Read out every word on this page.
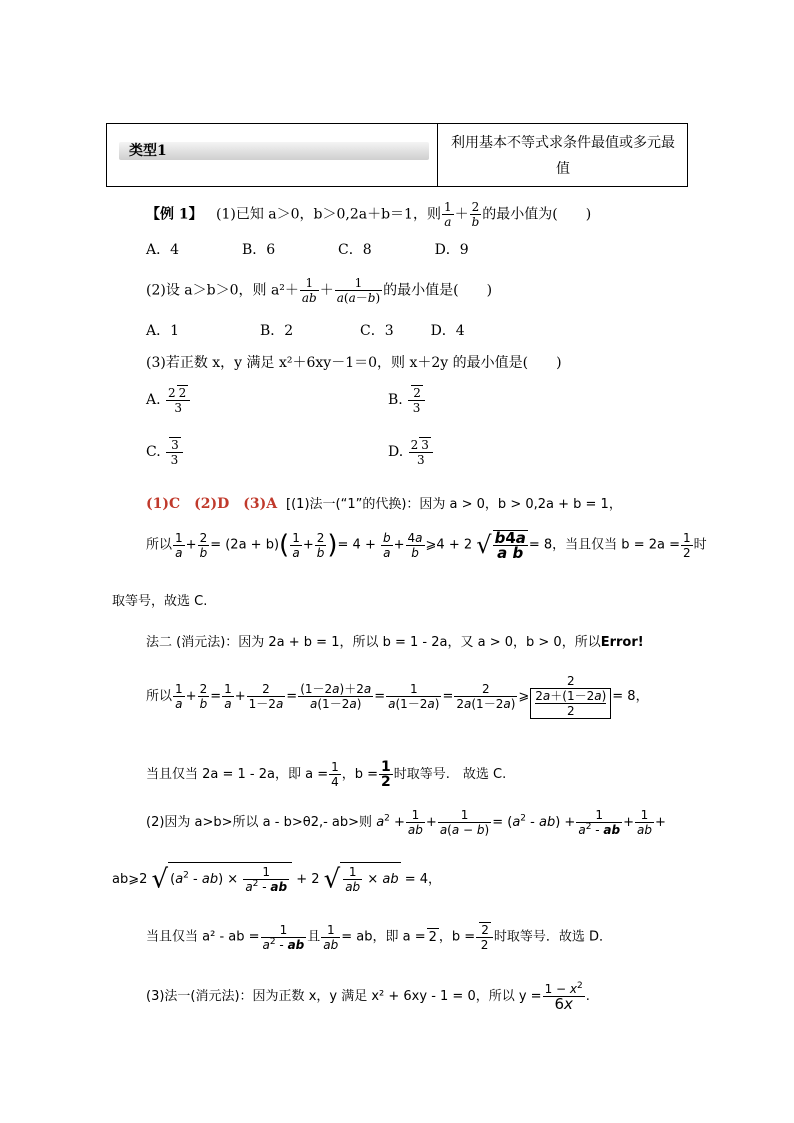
类型1	利用基本不等式求条件最值或多元最值
【例 1】 (1)已知 a＞0，b＞0,2a＋b＝1，则 $\frac{1}{a} + \frac{2}{b}$ 的最小值为(　　)
A．4	B．6	C．8	D．9
(2)设 a＞b＞0，则 $a^2+ \frac{1}{ab} + \frac{1}{a(a-b)}$ 的最小值是(　　)
A．1	B．2	C．3	D．4
(3)若正数 x，y 满足 x²＋6xy－1＝0，则 x＋2y 的最小值是(　　)
A. $\frac{2 2}{3}$	B. $\frac{2}{3}$
C. $\frac{3}{3}$	D. $\frac{2 3}{3}$
(1)C　(2)D　(3)A [(1)法一(“1”的代换)：因为 a > 0，b > 0,2a + b = 1，
所以 $\frac{1}{a} + \frac{2}{b} = (2a + b)( \frac{1}{a} + \frac{2}{b}$ )= $4 + \frac{b}{a} + \frac{4a}{b}$ ⩾4 + 2 √ $\frac{b4a}{\text{a b}} = 8$，当且仅当 $b = 2a = \frac{1}{2}$ 时
取等号，故选 C.
法二 (消元法)：因为 2a + b = 1，所以 b = 1 - 2a，又 a > 0，b > 0，所以Error!
所以 $\frac{1}{a} + \frac{2}{b} = \frac{1}{a} + \frac{2}{1-2a} = \frac{(1-2a)+2a}{a(1-2a)} = \frac{1}{a(1-2a)} = \frac{2}{2a(1-2a)}$ ⩾ 2
2a＋(1－2a)
2 = 8，
当且仅当 2a = 1 - 2a，即 $a = \frac{1}{4}$ ，$b = \frac{1}{2}$ 时取等号.　故选 C.
(2)因为 a>b>所以 a - b>θ2,- ab>则 $a^2 + \frac{1}{ab} + \frac{1}{a(a - b)} = (a^2 - ab) + \frac{1}{a^2 - ab} + \frac{1}{ab}$ +
ab⩾2 √ $(a^2 - ab) \times \frac{1}{a^2 - ab} + 2$ √ $\frac{1}{ab}$ × ab = 4，
当且仅当 a² - ab = $\frac{1}{a^2 - ab}$ 且 $\frac{1}{ab}$ = ab，即 a = 2 ，$b = \frac{2}{2}$ 时取等号．故选 D．
(3)法一(消元法)：因为正数 x，y 满足 x² + 6xy - 1 = 0，所以 $y = \frac{1 - x^2}{6x}$ .
